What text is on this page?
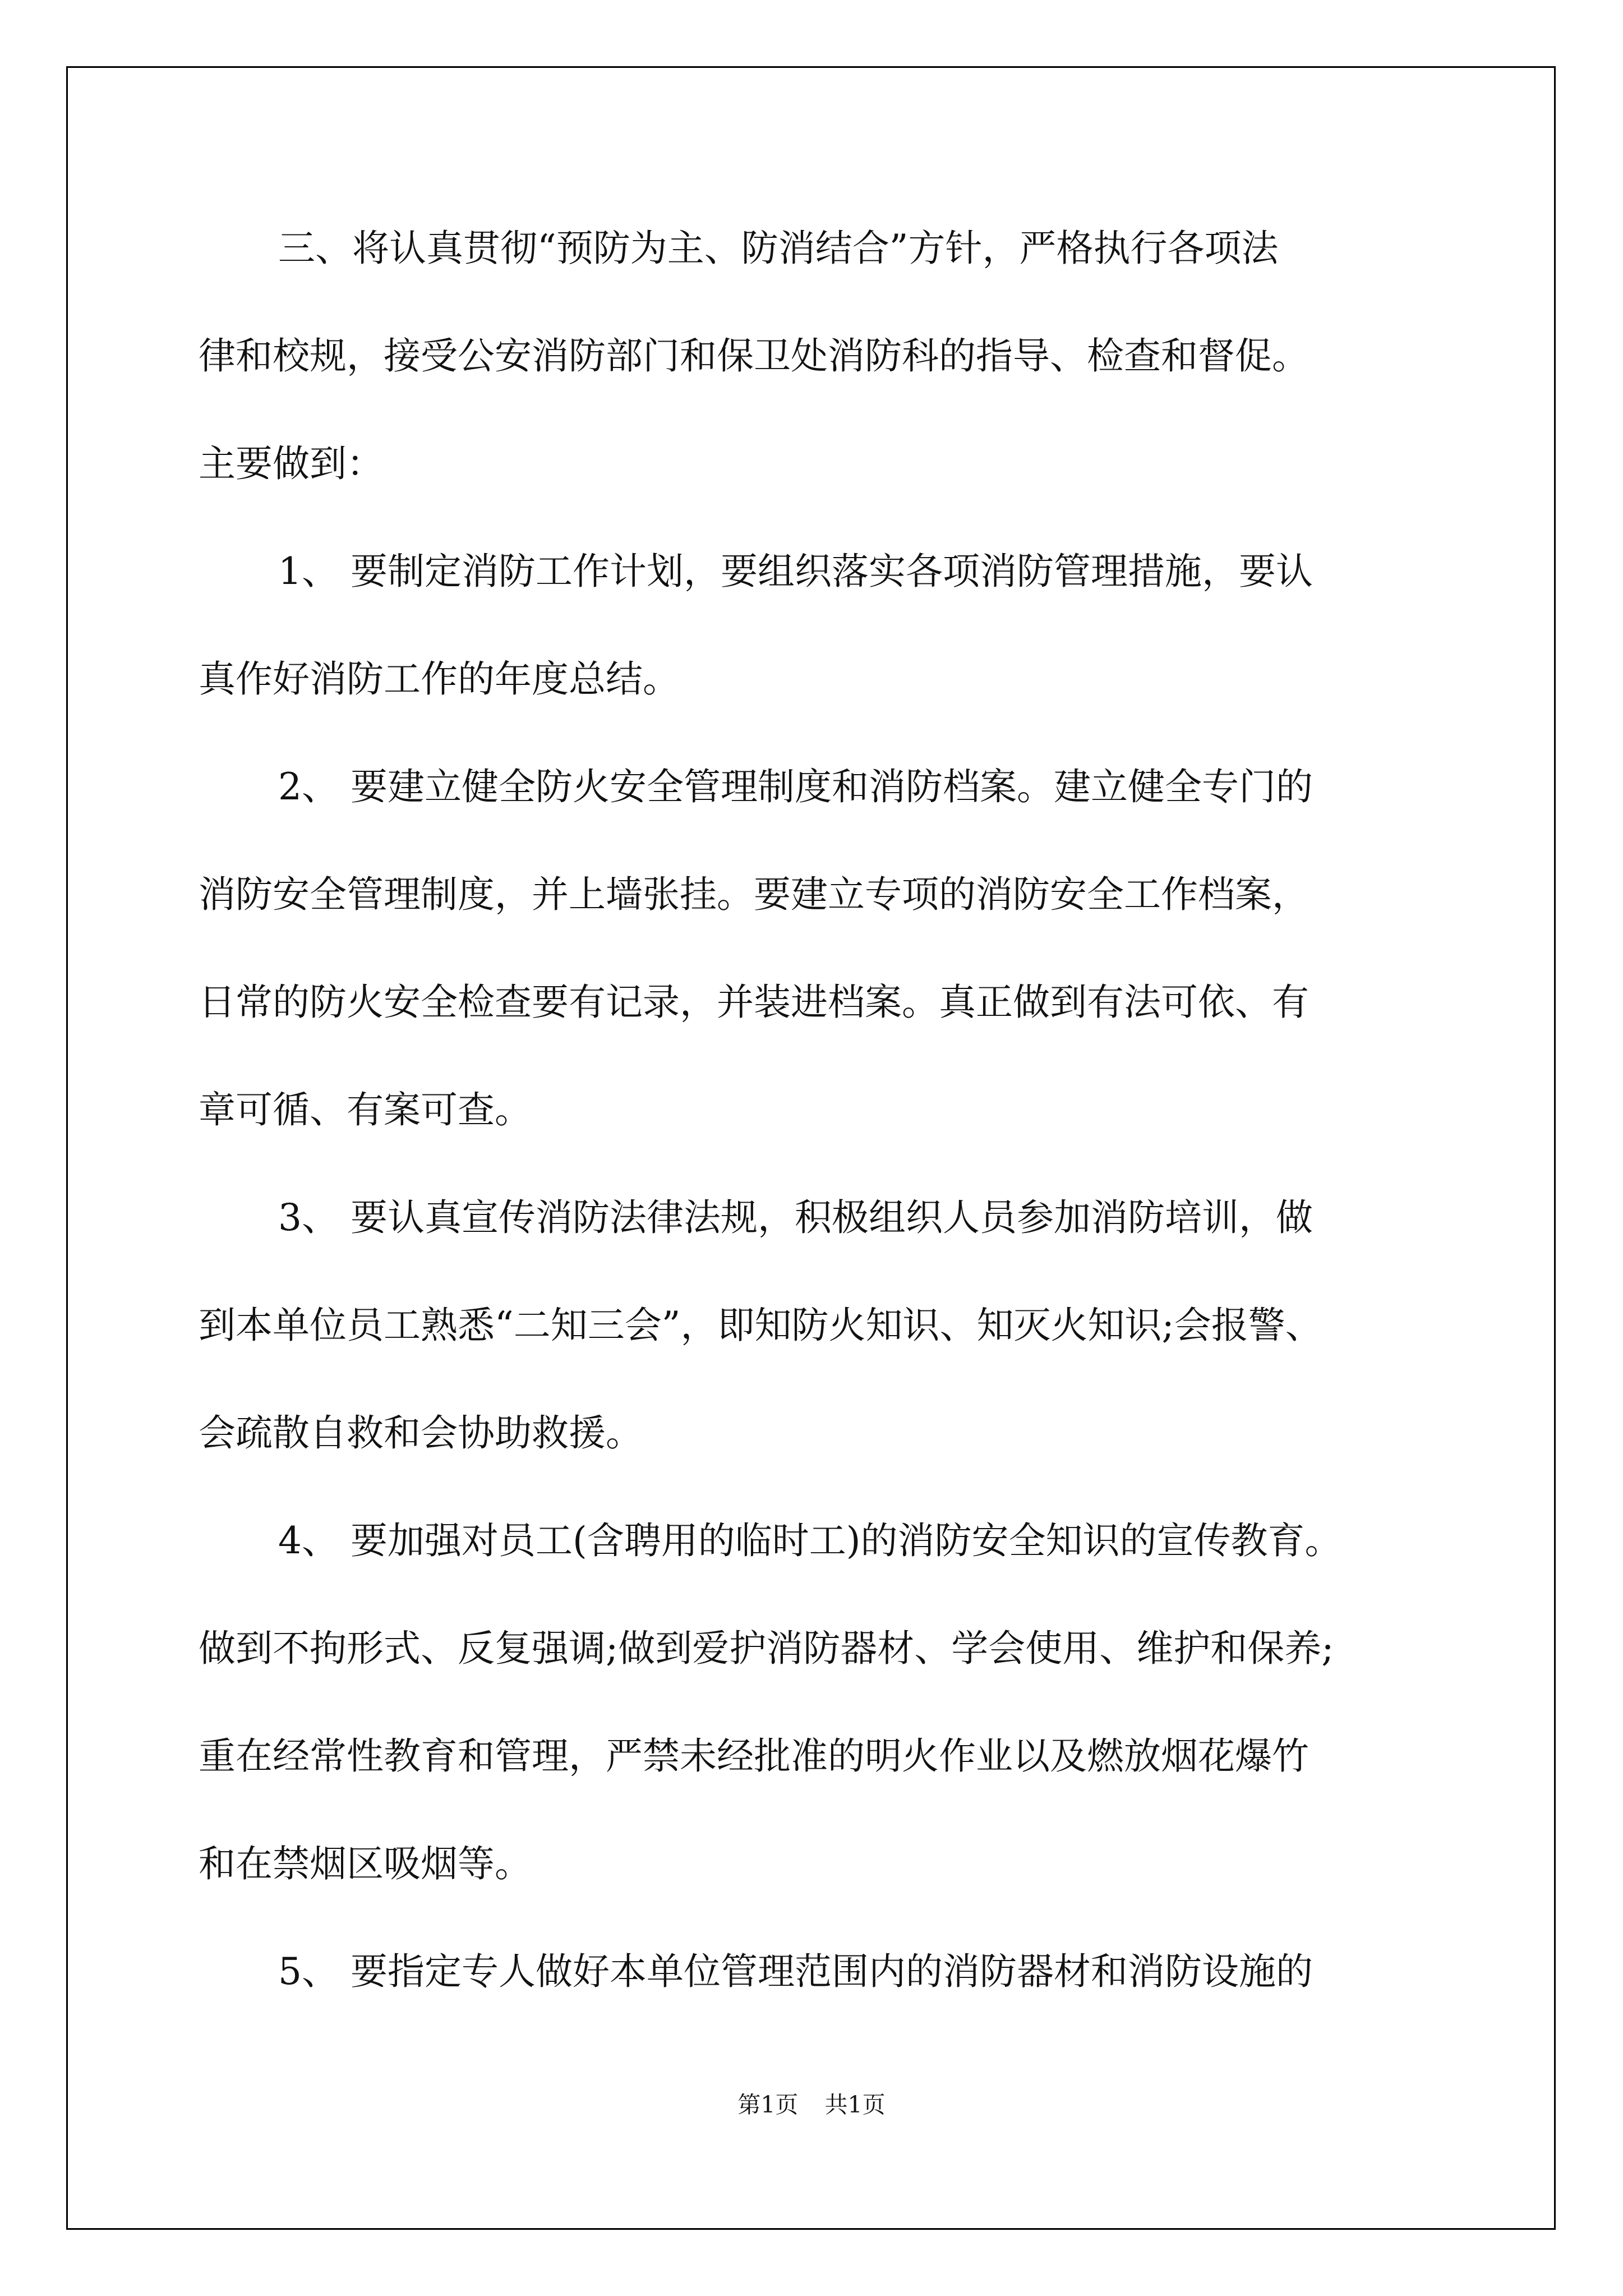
三、将认真贯彻“预防为主、防消结合”方针，严格执行各项法

律和校规，接受公安消防部门和保卫处消防科的指导、检查和督促。

主要做到：

1、 要制定消防工作计划，要组织落实各项消防管理措施，要认

真作好消防工作的年度总结。

2、 要建立健全防火安全管理制度和消防档案。建立健全专门的

消防安全管理制度，并上墙张挂。要建立专项的消防安全工作档案，

日常的防火安全检查要有记录，并装进档案。真正做到有法可依、有

章可循、有案可查。

3、 要认真宣传消防法律法规，积极组织人员参加消防培训，做

到本单位员工熟悉“二知三会”，即知防火知识、知灭火知识;会报警、

会疏散自救和会协助救援。

4、 要加强对员工(含聘用的临时工)的消防安全知识的宣传教育。

做到不拘形式、反复强调;做到爱护消防器材、学会使用、维护和保养;

重在经常性教育和管理，严禁未经批准的明火作业以及燃放烟花爆竹

和在禁烟区吸烟等。

5、 要指定专人做好本单位管理范围内的消防器材和消防设施的

第1页 共1页
